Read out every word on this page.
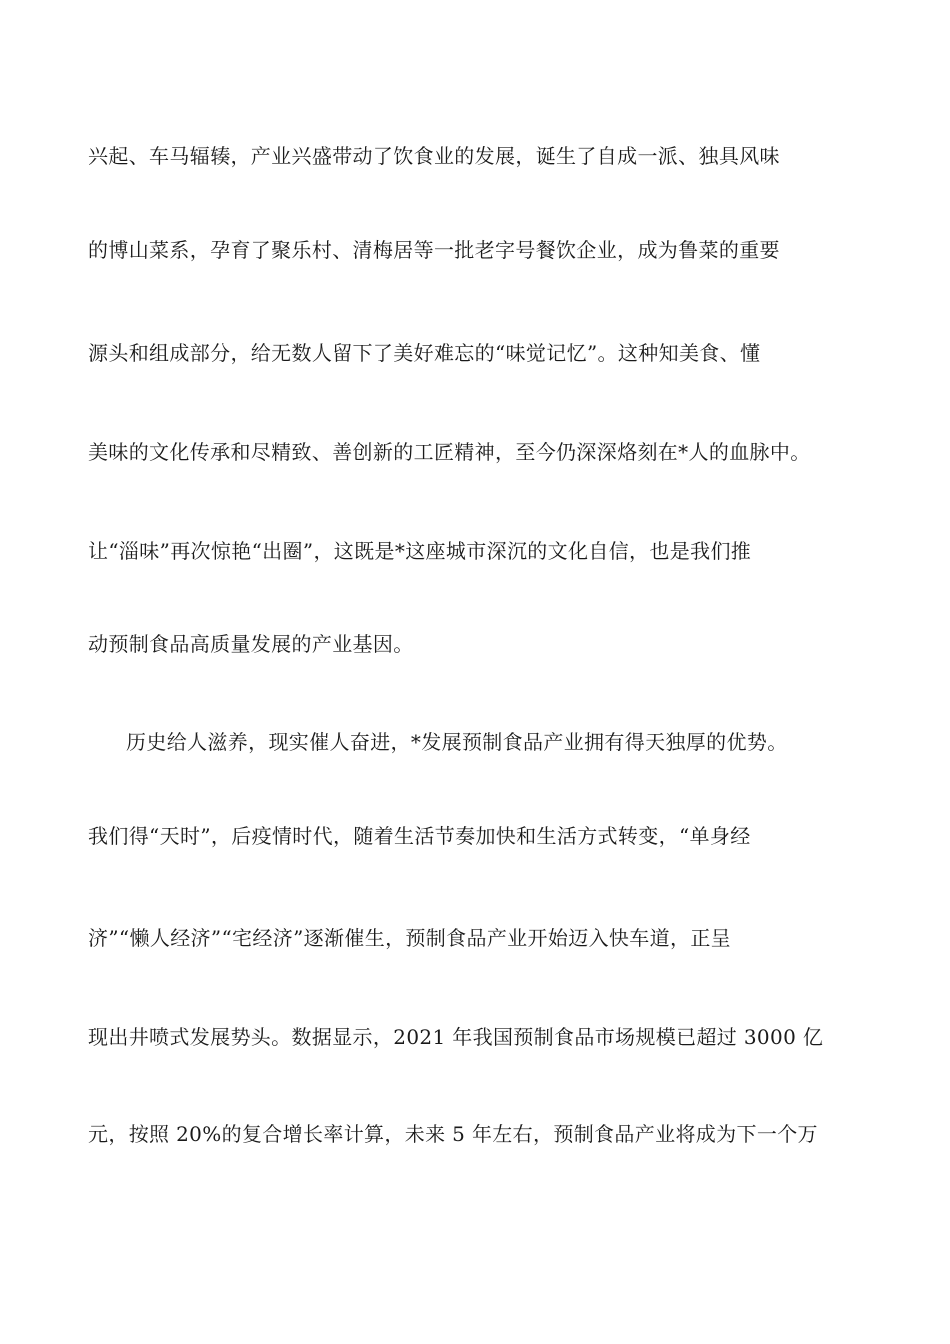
兴起、车马辐辏，产业兴盛带动了饮食业的发展，诞生了自成一派、独具风味
的博山菜系，孕育了聚乐村、清梅居等一批老字号餐饮企业，成为鲁菜的重要
源头和组成部分，给无数人留下了美好难忘的“味觉记忆”。这种知美食、懂
美味的文化传承和尽精致、善创新的工匠精神，至今仍深深烙刻在*人的血脉中。
让“淄味”再次惊艳“出圈”，这既是*这座城市深沉的文化自信，也是我们推
动预制食品高质量发展的产业基因。
历史给人滋养，现实催人奋进，*发展预制食品产业拥有得天独厚的优势。
我们得“天时”，后疫情时代，随着生活节奏加快和生活方式转变，“单身经
济”“懒人经济”“宅经济”逐渐催生，预制食品产业开始迈入快车道，正呈
现出井喷式发展势头。数据显示，2021 年我国预制食品市场规模已超过 3000 亿
元，按照 20%的复合增长率计算，未来 5 年左右，预制食品产业将成为下一个万
